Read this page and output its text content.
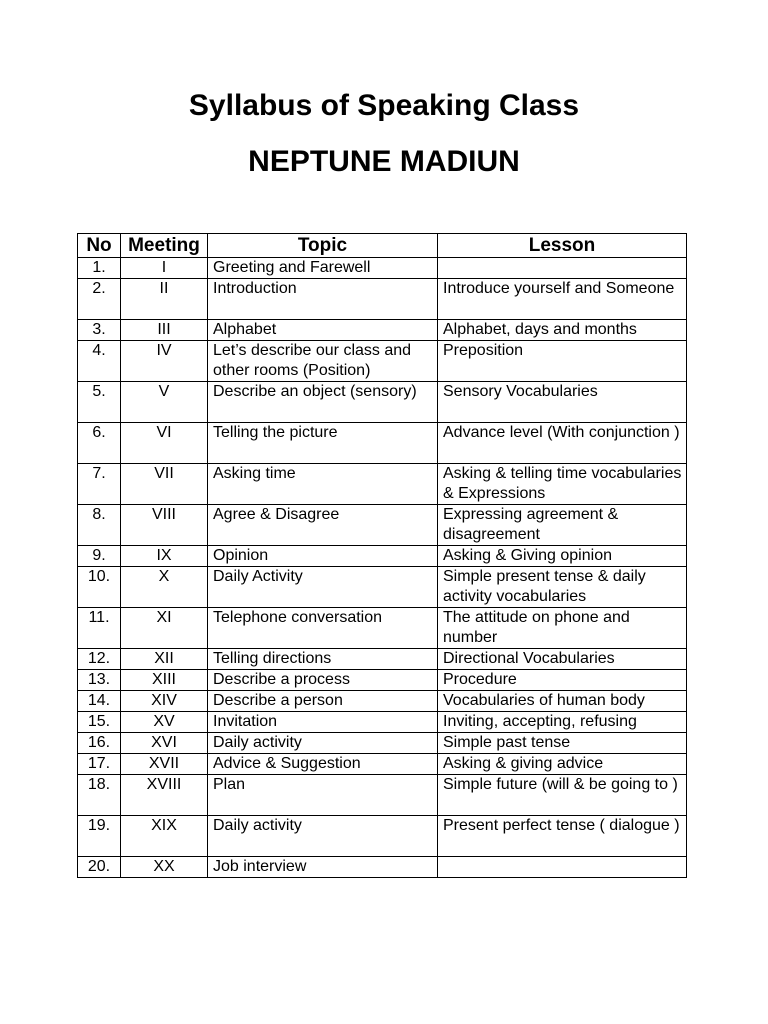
Syllabus of Speaking Class
NEPTUNE MADIUN
No	Meeting	Topic	Lesson
1.	I	Greeting and Farewell	
2.	II	Introduction	Introduce yourself and Someone
3.	III	Alphabet	Alphabet, days and months
4.	IV	Let’s describe our class and other rooms (Position)	Preposition
5.	V	Describe an object (sensory)	Sensory Vocabularies
6.	VI	Telling the picture	Advance level (With conjunction )
7.	VII	Asking time	Asking & telling time vocabularies & Expressions
8.	VIII	Agree & Disagree	Expressing agreement & disagreement
9.	IX	Opinion	Asking & Giving opinion
10.	X	Daily Activity	Simple present tense & daily activity vocabularies
11.	XI	Telephone conversation	The attitude on phone and number
12.	XII	Telling directions	Directional Vocabularies
13.	XIII	Describe a process	Procedure
14.	XIV	Describe a person	Vocabularies of human body
15.	XV	Invitation	Inviting, accepting, refusing
16.	XVI	Daily activity	Simple past tense
17.	XVII	Advice & Suggestion	Asking & giving advice
18.	XVIII	Plan	Simple future (will & be going to )
19.	XIX	Daily activity	Present perfect tense ( dialogue )
20.	XX	Job interview	
